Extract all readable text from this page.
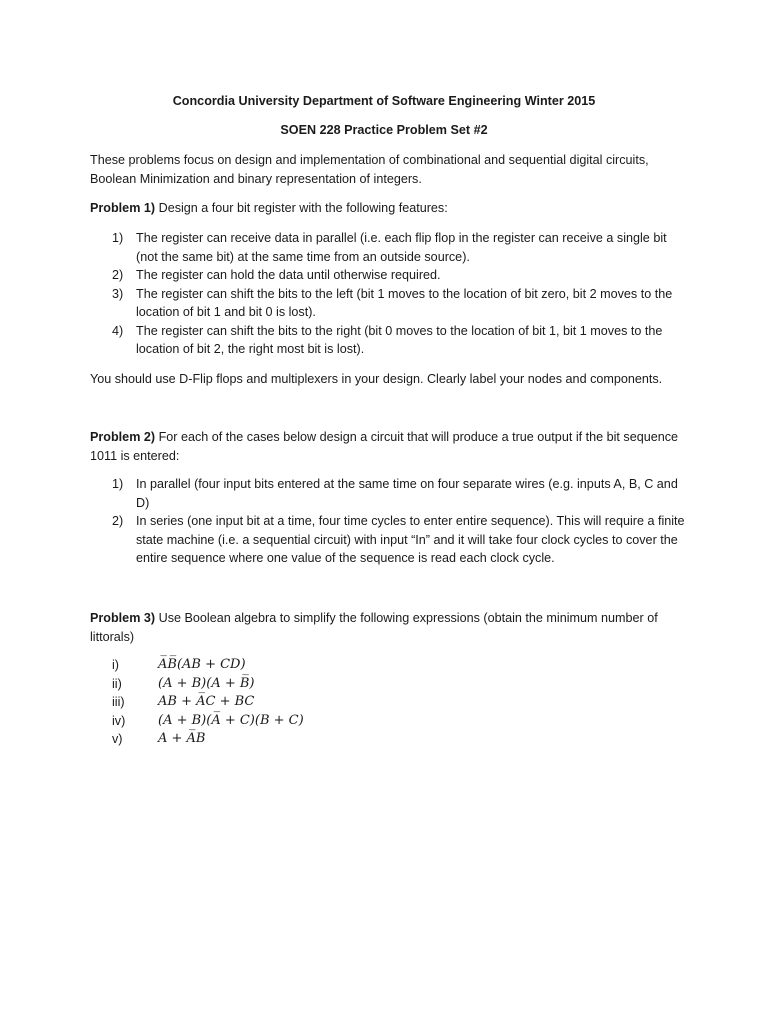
Concordia University Department of Software Engineering Winter 2015
SOEN 228 Practice Problem Set #2
These problems focus on design and implementation of combinational and sequential digital circuits, Boolean Minimization and binary representation of integers.
Problem 1) Design a four bit register with the following features:
1) The register can receive data in parallel (i.e. each flip flop in the register can receive a single bit (not the same bit) at the same time from an outside source).
2) The register can hold the data until otherwise required.
3) The register can shift the bits to the left (bit 1 moves to the location of bit zero, bit 2 moves to the location of bit 1 and bit 0 is lost).
4) The register can shift the bits to the right (bit 0 moves to the location of bit 1, bit 1 moves to the location of bit 2, the right most bit is lost).
You should use D-Flip flops and multiplexers in your design. Clearly label your nodes and components.
Problem 2) For each of the cases below design a circuit that will produce a true output if the bit sequence 1011 is entered:
1) In parallel (four input bits entered at the same time on four separate wires (e.g. inputs A, B, C and D)
2) In series (one input bit at a time, four time cycles to enter entire sequence). This will require a finite state machine (i.e. a sequential circuit) with input “In” and it will take four clock cycles to cover the entire sequence where one value of the sequence is read each clock cycle.
Problem 3) Use Boolean algebra to simplify the following expressions (obtain the minimum number of littorals)
i)	A̅B̅(AB + CD)
ii)	(A + B)(A + B̅)
iii)	AB + A̅C + BC
iv)	(A + B)(A̅ + C)(B + C)
v)	A + A̅B
